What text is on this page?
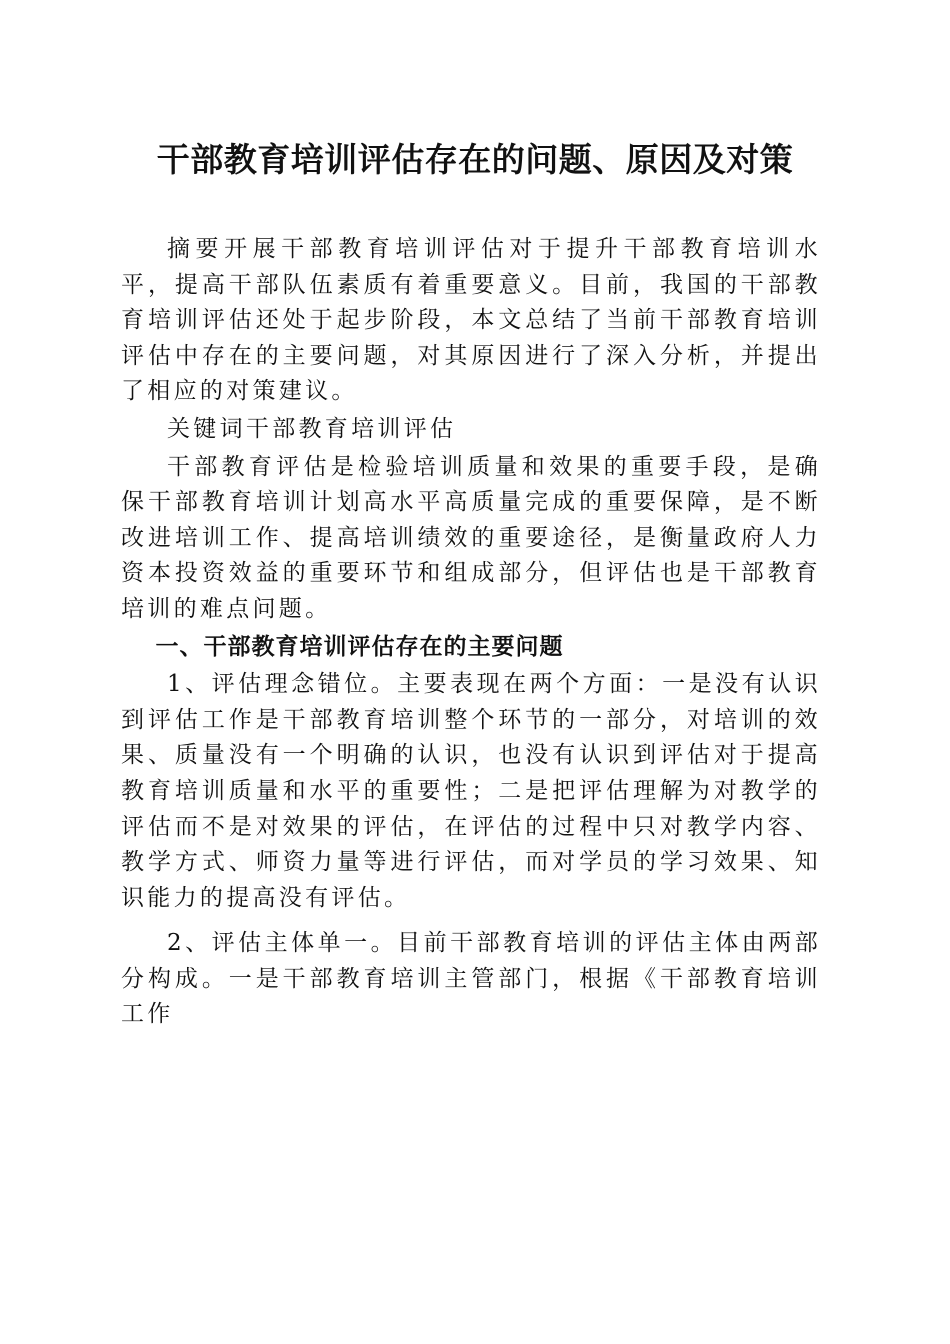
干部教育培训评估存在的问题、原因及对策

摘要开展干部教育培训评估对于提升干部教育培训水平，提高干部队伍素质有着重要意义。目前，我国的干部教育培训评估还处于起步阶段，本文总结了当前干部教育培训评估中存在的主要问题，对其原因进行了深入分析，并提出了相应的对策建议。

关键词干部教育培训评估

干部教育评估是检验培训质量和效果的重要手段，是确保干部教育培训计划高水平高质量完成的重要保障，是不断改进培训工作、提高培训绩效的重要途径，是衡量政府人力资本投资效益的重要环节和组成部分，但评估也是干部教育培训的难点问题。

一、干部教育培训评估存在的主要问题

1、评估理念错位。主要表现在两个方面：一是没有认识到评估工作是干部教育培训整个环节的一部分，对培训的效果、质量没有一个明确的认识，也没有认识到评估对于提高教育培训质量和水平的重要性；二是把评估理解为对教学的评估而不是对效果的评估，在评估的过程中只对教学内容、教学方式、师资力量等进行评估，而对学员的学习效果、知识能力的提高没有评估。

2、评估主体单一。目前干部教育培训的评估主体由两部分构成。一是干部教育培训主管部门，根据《干部教育培训工作
